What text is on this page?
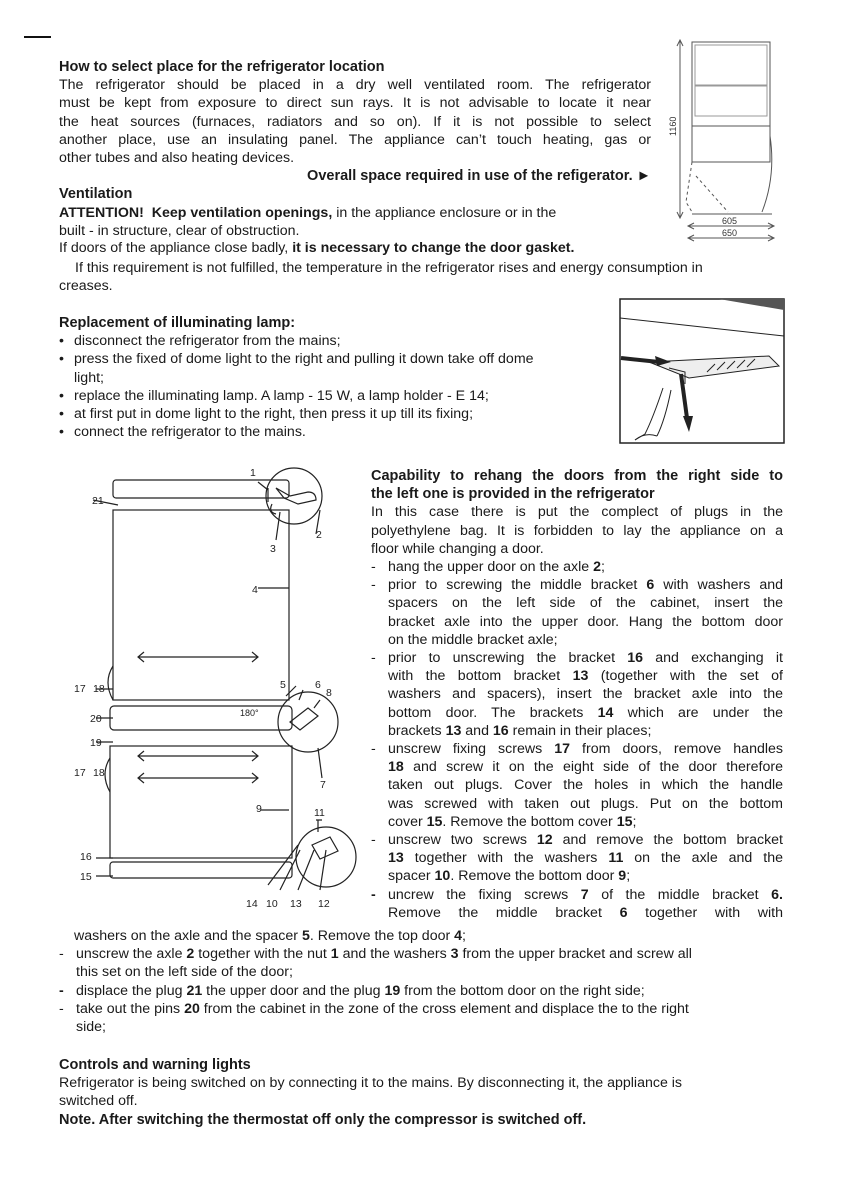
How to select place for the refrigerator location

The refrigerator should be placed in a dry well ventilated room. The refrigerator

must be kept from exposure to direct sun rays. It is not advisable to locate it near

the heat sources (furnaces, radiators and so on). If it is not possible to select

another place, use an insulating panel. The appliance can’t touch heating, gas or

other tubes and also heating devices.

Overall space required in use of the refigerator. ►

Ventilation

ATTENTION! Keep ventilation openings, in the appliance enclosure or in the

built - in structure, clear of obstruction.

If doors of the appliance close badly, it is necessary to change the door gasket.

If this requirement is not fulfilled, the temperature in the refrigerator rises and energy consumption in
creases.

1160
605
650

Replacement of illuminating lamp:

• disconnect the refrigerator from the mains;
• press the fixed of dome light to the right and pulling it down take off dome
light;
• replace the illuminating lamp. A lamp - 15 W, a lamp holder - E 14;
• at first put in dome light to the right, then press it up till its fixing;
• connect the refrigerator to the mains.
1
2
3
4
5	6
7
8
9
10
11
12
13
14
15
16
17 18
17 18
19
20
21
180°

Capability to rehang the doors from the right side to

the left one is provided in the refrigerator

In this case there is put the complect of plugs in the

polyethylene bag. It is forbidden to lay the appliance on a

floor while changing a door.

- hang the upper door on the axle 2;
- prior to screwing the middle bracket 6 with washers and
spacers on the left side of the cabinet, insert the
bracket axle into the upper door. Hang the bottom door
on the middle bracket axle;
- prior to unscrewing the bracket 16 and exchanging it
with the bottom bracket 13 (together with the set of
washers and spacers), insert the bracket axle into the
bottom door. The brackets 14 which are under the
brackets 13 and 16 remain in their places;
- unscrew fixing screws 17 from doors, remove handles
18 and screw it on the eight side of the door therefore
taken out plugs. Cover the holes in which the handle
was screwed with taken out plugs. Put on the bottom
cover 15. Remove the bottom cover 15;
- unscrew two screws 12 and remove the bottom bracket
13 together with the washers 11 on the axle and the
spacer 10. Remove the bottom door 9;
- uncrew the fixing screws 7 of the middle bracket 6.
Remove the middle bracket 6 together with with
washers on the axle and the spacer 5. Remove the top door 4;
- unscrew the axle 2 together with the nut 1 and the washers 3 from the upper bracket and screw all
this set on the left side of the door;
- displace the plug 21 the upper door and the plug 19 from the bottom door on the right side;
- take out the pins 20 from the cabinet in the zone of the cross element and displace the to the right
side;

Controls and warning lights

Refrigerator is being switched on by connecting it to the mains. By disconnecting it, the appliance is

switched off.

Note. After switching the thermostat off only the compressor is switched off.
